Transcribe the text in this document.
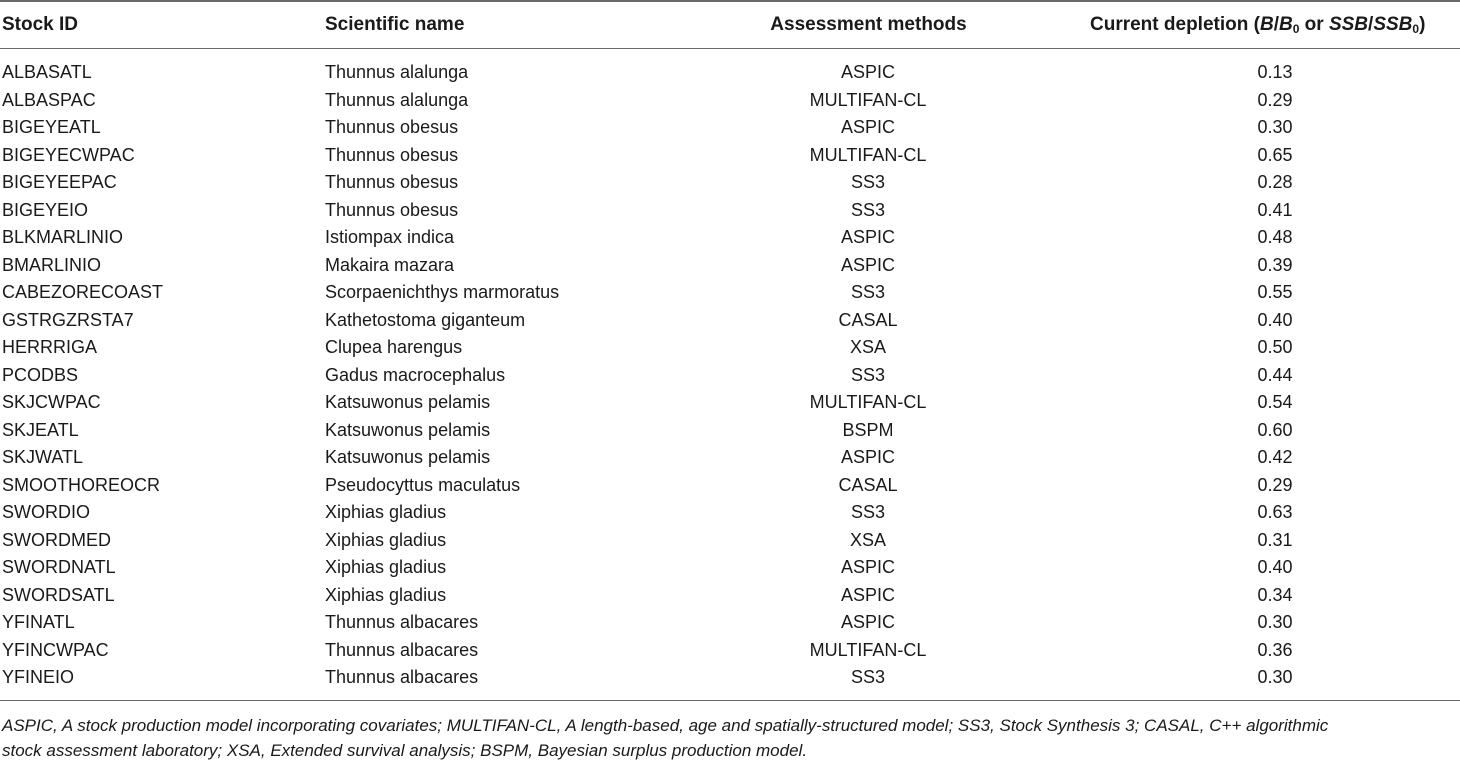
Stock ID	Scientific name	Assessment methods	Current depletion ($B/B_0$ or SSB/$SSB_0$)
ALBASATL	Thunnus alalunga	ASPIC	0.13
ALBASPAC	Thunnus alalunga	MULTIFAN-CL	0.29
BIGEYEATL	Thunnus obesus	ASPIC	0.30
BIGEYECWPAC	Thunnus obesus	MULTIFAN-CL	0.65
BIGEYEEPAC	Thunnus obesus	SS3	0.28
BIGEYEIO	Thunnus obesus	SS3	0.41
BLKMARLINIO	Istiompax indica	ASPIC	0.48
BMARLINIO	Makaira mazara	ASPIC	0.39
CABEZORECOAST	Scorpaenichthys marmoratus	SS3	0.55
GSTRGZRSTA7	Kathetostoma giganteum	CASAL	0.40
HERRRIGA	Clupea harengus	XSA	0.50
PCODBS	Gadus macrocephalus	SS3	0.44
SKJCWPAC	Katsuwonus pelamis	MULTIFAN-CL	0.54
SKJEATL	Katsuwonus pelamis	BSPM	0.60
SKJWATL	Katsuwonus pelamis	ASPIC	0.42
SMOOTHOREOCR	Pseudocyttus maculatus	CASAL	0.29
SWORDIO	Xiphias gladius	SS3	0.63
SWORDMED	Xiphias gladius	XSA	0.31
SWORDNATL	Xiphias gladius	ASPIC	0.40
SWORDSATL	Xiphias gladius	ASPIC	0.34
YFINATL	Thunnus albacares	ASPIC	0.30
YFINCWPAC	Thunnus albacares	MULTIFAN-CL	0.36
YFINEIO	Thunnus albacares	SS3	0.30
ASPIC, A stock production model incorporating covariates; MULTIFAN-CL, A length-based, age and spatially-structured model; SS3, Stock Synthesis 3; CASAL, C++ algorithmic
stock assessment laboratory; XSA, Extended survival analysis; BSPM, Bayesian surplus production model.
